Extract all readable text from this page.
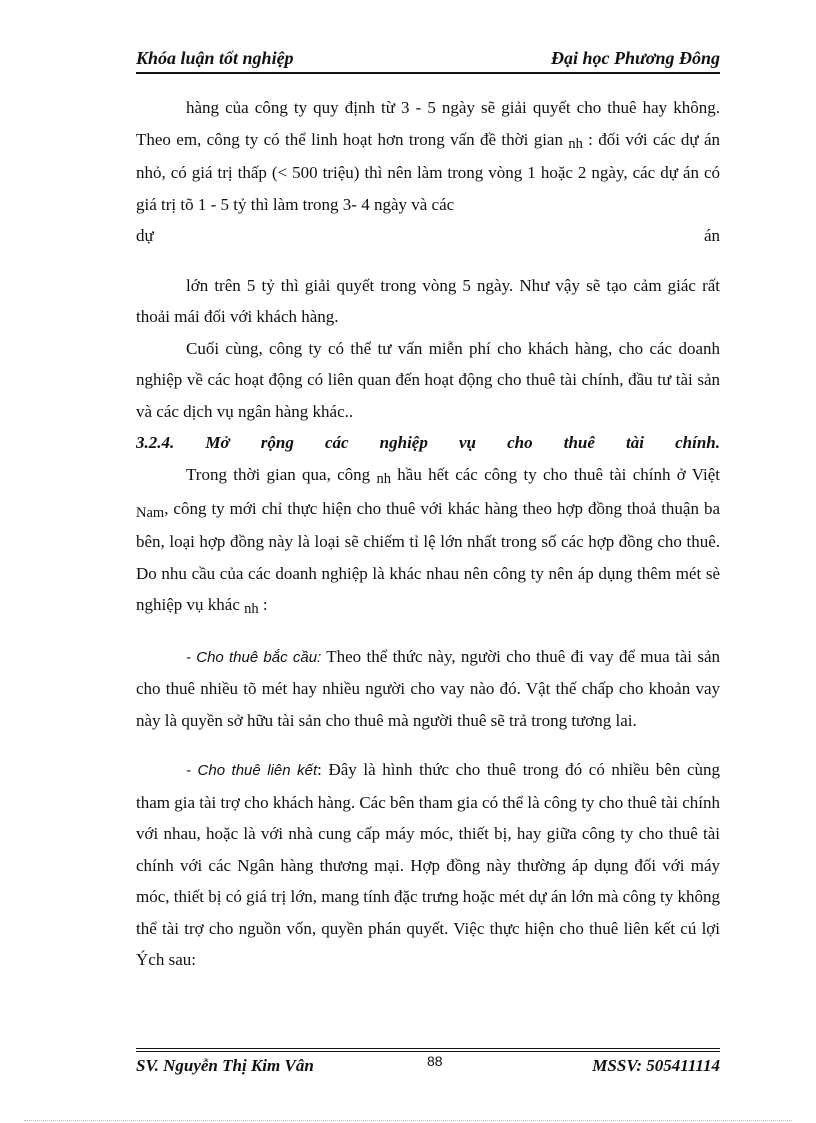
Khóa luận tốt nghiệp	Đại học Phương Đông

hàng của công ty quy định từ 3 - 5 ngày sẽ giải quyết cho thuê hay không. Theo em, công ty có thể linh hoạt hơn trong vấn đề thời gian nh : đối với các dự án nhỏ, có giá trị thấp (< 500 triệu) thì nên làm trong vòng 1 hoặc 2 ngày, các dự án có giá trị tõ 1 - 5 tỷ thì làm trong 3- 4 ngày và các

dự án

lớn trên 5 tỷ thì giải quyết trong vòng 5 ngày. Như vậy sẽ tạo cảm giác rất thoải mái đối với khách hàng.

Cuối cùng, công ty có thể tư vấn miễn phí cho khách hàng, cho các doanh nghiệp về các hoạt động có liên quan đến hoạt động cho thuê tài chính, đầu tư tài sản và các dịch vụ ngân hàng khác..

3.2.4. Mở rộng các nghiệp vụ cho thuê tài chính.

Trong thời gian qua, công nh hầu hết các công ty cho thuê tài chính ở Việt Nam, công ty mới chỉ thực hiện cho thuê với khác hàng theo hợp đồng thoả thuận ba bên, loại hợp đồng này là loại sẽ chiếm tỉ lệ lớn nhất trong số các hợp đồng cho thuê. Do nhu cầu của các doanh nghiệp là khác nhau nên công ty nên áp dụng thêm mét sè nghiệp vụ khác nh :

- Cho thuê bắc cầu: Theo thể thức này, người cho thuê đi vay để mua tài sản cho thuê nhiều tõ mét hay nhiều người cho vay nào đó. Vật thế chấp cho khoản vay này là quyền sở hữu tài sản cho thuê mà người thuê sẽ trả trong tương lai.

- Cho thuê liên kết: Đây là hình thức cho thuê trong đó có nhiều bên cùng tham gia tài trợ cho khách hàng. Các bên tham gia có thể là công ty cho thuê tài chính với nhau, hoặc là với nhà cung cấp máy móc, thiết bị, hay giữa công ty cho thuê tài chính với các Ngân hàng thương mại. Hợp đồng này thường áp dụng đối với máy móc, thiết bị có giá trị lớn, mang tính đặc trưng hoặc mét dự án lớn mà công ty không thể tài trợ cho nguồn vốn, quyền phán quyết. Việc thực hiện cho thuê liên kết cú lợi Ých sau:

SV. Nguyễn Thị Kim Vân	88	MSSV: 505411114
